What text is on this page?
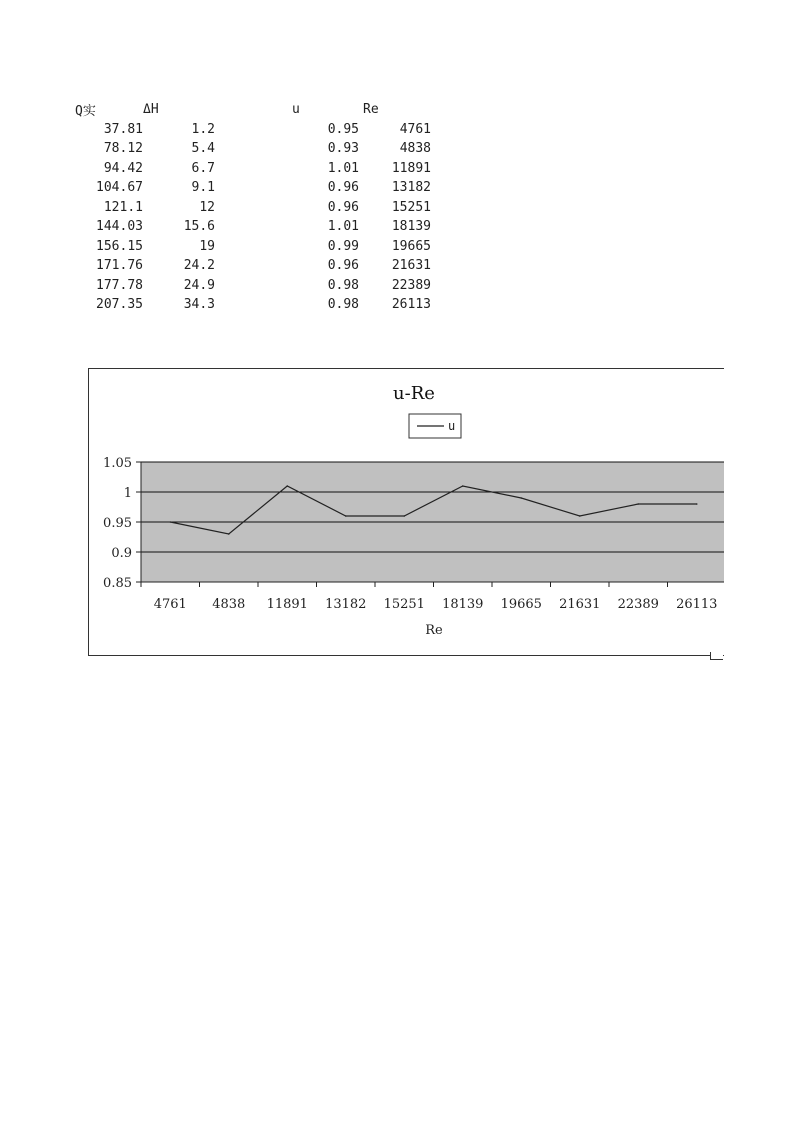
Q实	ΔH	u	Re
37.81	1.2	0.95	4761
78.12	5.4	0.93	4838
94.42	6.7	1.01	11891
104.67	9.1	0.96	13182
121.1	12	0.96	15251
144.03	15.6	1.01	18139
156.15	19	0.99	19665
171.76	24.2	0.96	21631
177.78	24.9	0.98	22389
207.35	34.3	0.98	26113
u-Re
u
0.85
0.9
0.95
1
1.05
4761 4838 11891 13182 15251 18139 19665 21631 22389 26113
Re
